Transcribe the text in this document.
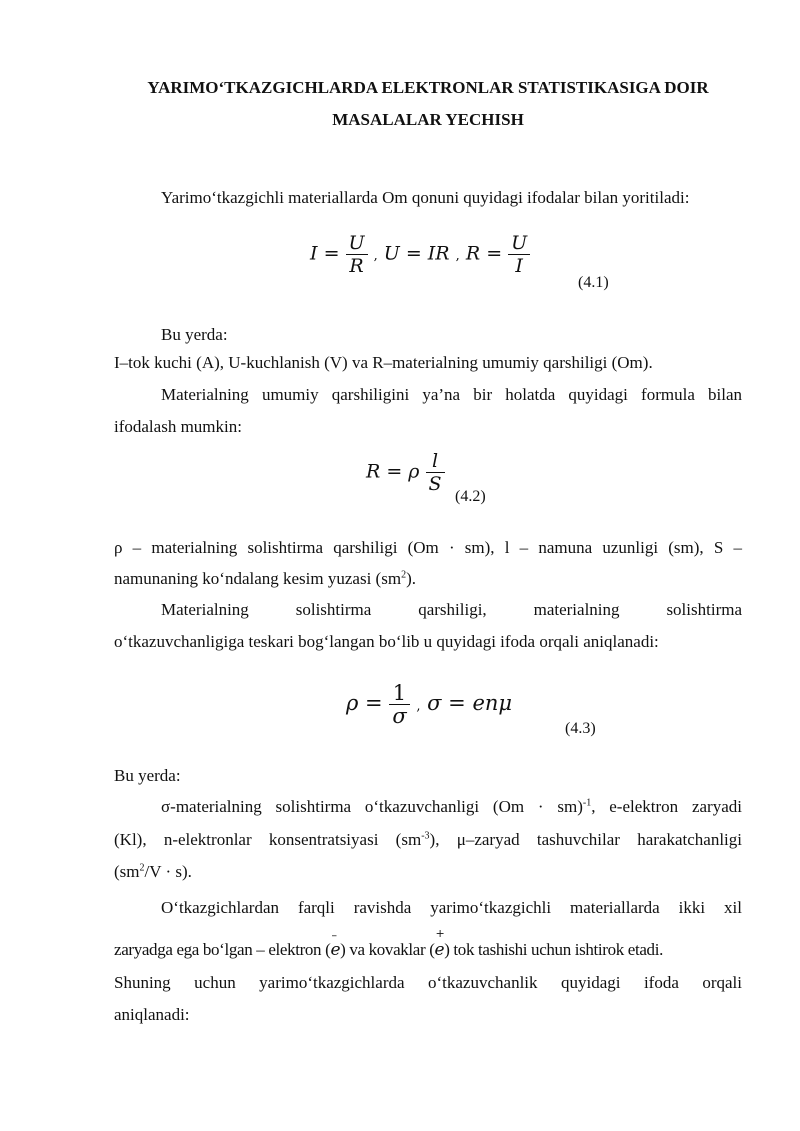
YARIMO‘TKAZGICHLARDA ELEKTRONLAR STATISTIKASIGA DOIR
MASALALAR YECHISH
Yarimo‘tkazgichli materiallarda Om qonuni quyidagi ifodalar bilan yoritiladi:
$I = \frac{U}{R}$ , U = IR , $R = \frac{U}{I}$
(4.1)
Bu yerda:
I–tok kuchi (A), U-kuchlanish (V) va R–materialning umumiy qarshiligi (Om).
Materialning umumiy qarshiligini ya’na bir holatda quyidagi formula bilan
ifodalash mumkin:
R = ρ $\frac{l}{S}$
(4.2)
ρ – materialning solishtirma qarshiligi (Om · sm), l – namuna uzunligi (sm), S –
namunaning ko‘ndalang kesim yuzasi $(sm^2)$.
Materialning solishtirma qarshiligi, materialning solishtirma
o‘tkazuvchanligiga teskari bog‘langan bo‘lib u quyidagi ifoda orqali aniqlanadi:
$\rho = \frac{1}{\sigma}$ , σ = enμ
(4.3)
Bu yerda:
σ-materialning solishtirma o‘tkazuvchanligi (Om · sm)$^{-1}$, e-elektron zaryadi
(Kl), n-elektronlar konsentratsiyasi $(sm^{-3})$, μ–zaryad tashuvchilar harakatchanligi
$(sm^2/V \cdot s)$.
O‘tkazgichlardan farqli ravishda yarimo‘tkazgichli materiallarda ikki xil
zaryadga ega bo‘lgan – elektron (
–
e) va kovaklar (
+
e) tok tashishi uchun ishtirok etadi.
Shuning uchun yarimo‘tkazgichlarda o‘tkazuvchanlik quyidagi ifoda orqali
aniqlanadi:
